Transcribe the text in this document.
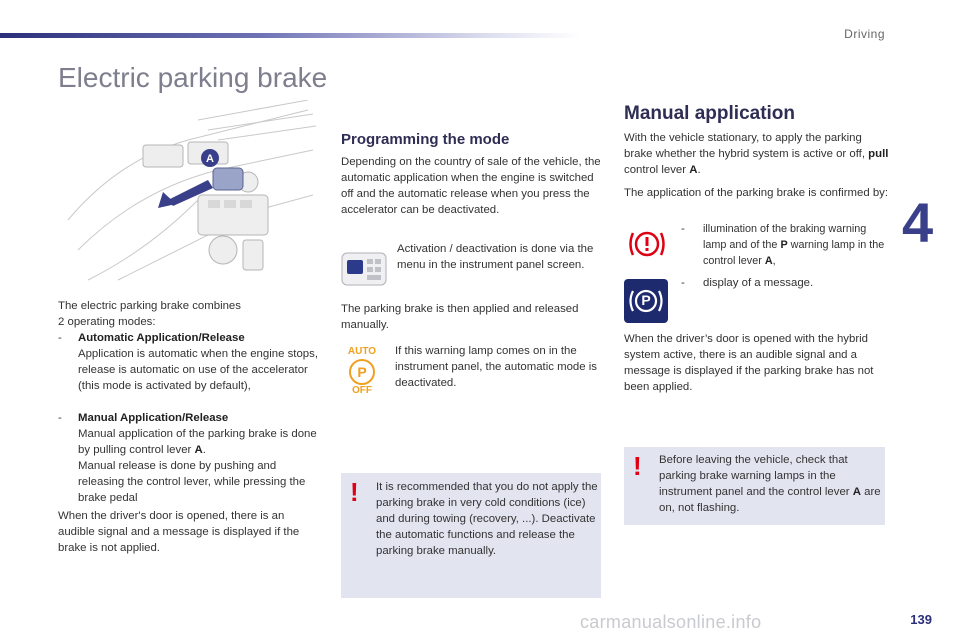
Driving
4
Electric parking brake
A

The electric parking brake combines

2 operating modes:

-	Automatic Application/Release
Application is automatic when the engine stops, release is automatic on use of the accelerator (this mode is activated by default),
-	Manual Application/Release
Manual application of the parking brake is done by pulling control lever A.
Manual release is done by pushing and releasing the control lever, while pressing the brake pedal

When the driver's door is opened, there is an audible signal and a message is displayed if the brake is not applied.

Programming the mode

Depending on the country of sale of the vehicle, the automatic application when the engine is switched off and the automatic release when you press the accelerator can be deactivated.

Activation / deactivation is done via the menu in the instrument panel screen.

The parking brake is then applied and released manually.

AUTO
P
OFF

If this warning lamp comes on in the instrument panel, the automatic mode is deactivated.

! It is recommended that you do not apply the parking brake in very cold conditions (ice) and during towing (recovery, ...). Deactivate the automatic functions and release the parking brake manually.

Manual application

With the vehicle stationary, to apply the parking brake whether the hybrid system is active or off, pull control lever A.

The application of the parking brake is confirmed by:

- illumination of the braking warning lamp and of the P warning lamp in the control lever A,

P
- display of a message.

When the driver’s door is opened with the hybrid system active, there is an audible signal and a message is displayed if the parking brake has not been applied.

! Before leaving the vehicle, check that parking brake warning lamps in the instrument panel and the control lever A are on, not flashing.

carmanualsonline.info	139
